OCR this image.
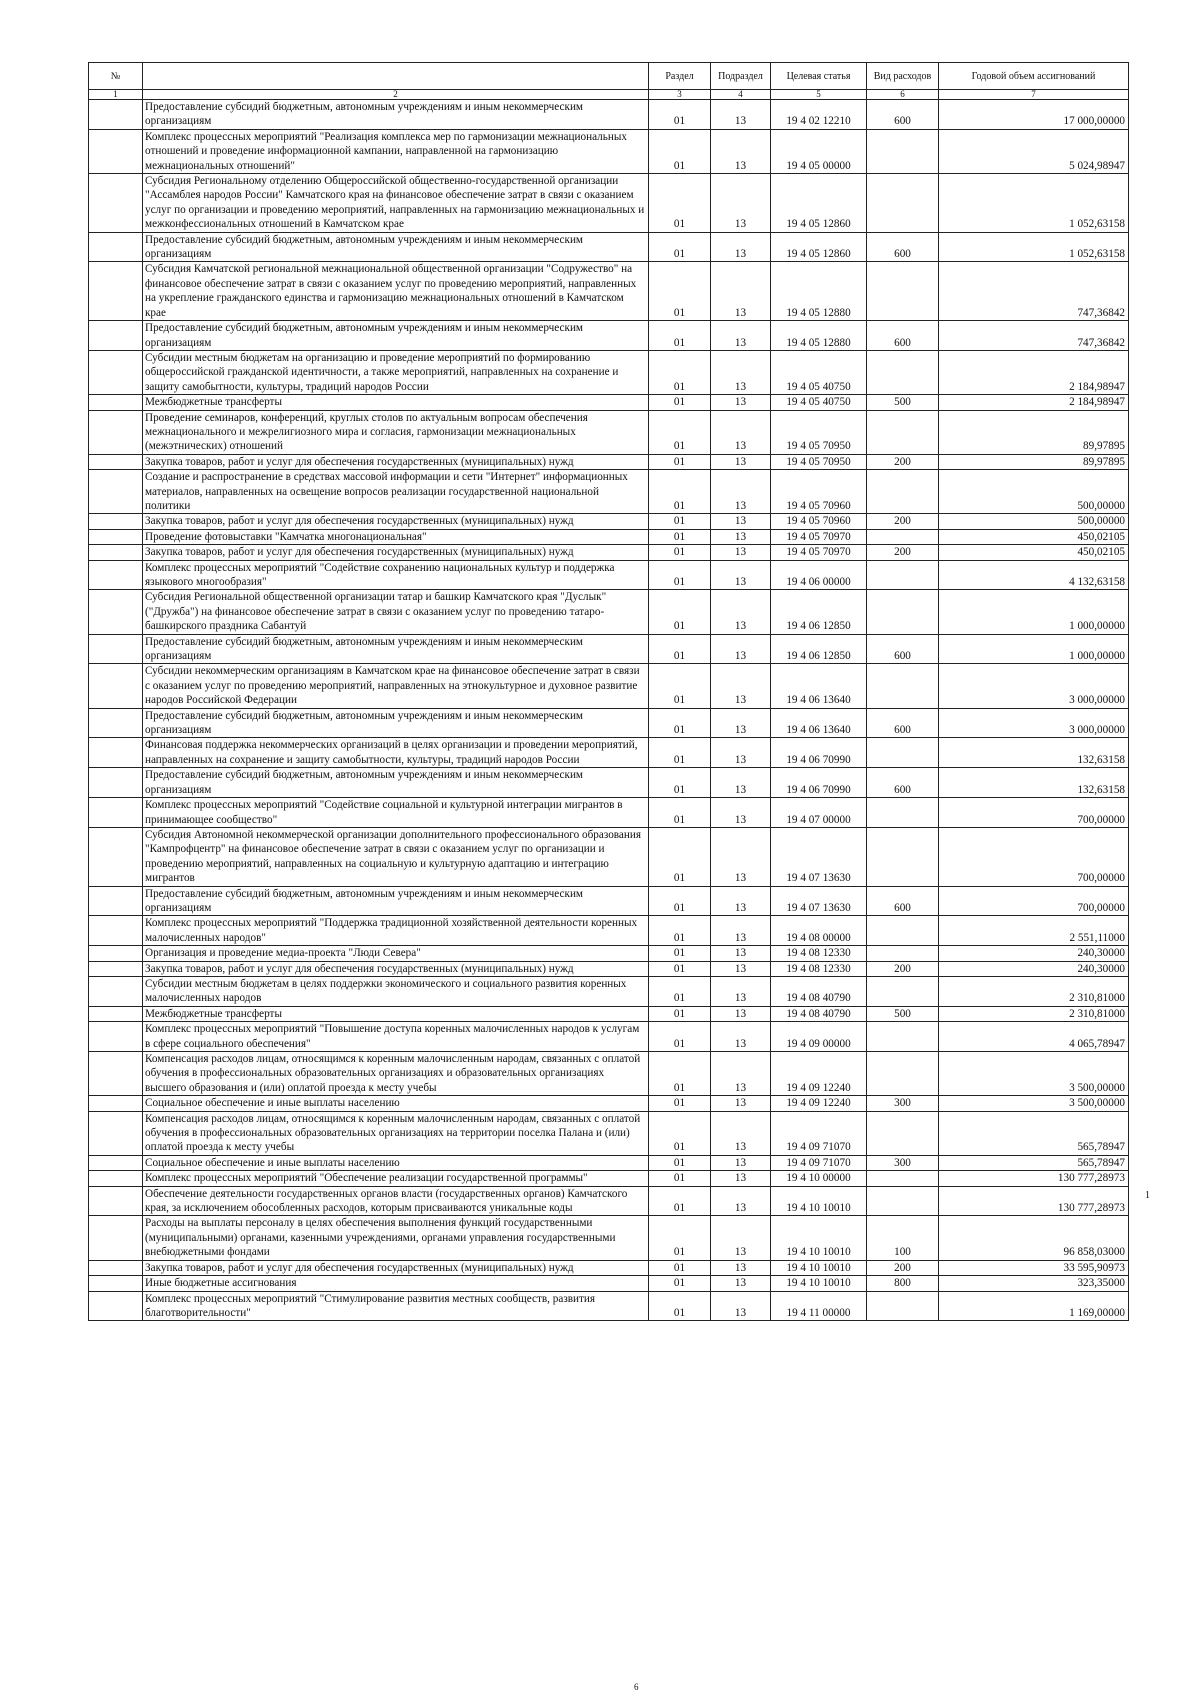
№		Раздел	Подраздел	Целевая статья	Вид расходов	Годовой объем ассигнований
1	2	3	4	5	6	7
	Предоставление субсидий бюджетным, автономным учреждениям и иным некоммерческим организациям	01	13	19 4 02 12210	600	17 000,00000
	Комплекс процессных мероприятий "Реализация комплекса мер по гармонизации межнациональных отношений и проведение информационной кампании, направленной на гармонизацию межнациональных отношений"	01	13	19 4 05 00000		5 024,98947
	Субсидия Региональному отделению Общероссийской общественно-государственной организации "Ассамблея народов России" Камчатского края на финансовое обеспечение затрат в связи с оказанием услуг по организации и проведению мероприятий, направленных на гармонизацию межнациональных и межконфессиональных отношений в Камчатском крае	01	13	19 4 05 12860		1 052,63158
	Предоставление субсидий бюджетным, автономным учреждениям и иным некоммерческим организациям	01	13	19 4 05 12860	600	1 052,63158
	Субсидия Камчатской региональной межнациональной общественной организации "Содружество" на финансовое обеспечение затрат в связи с оказанием услуг по проведению мероприятий, направленных на укрепление гражданского единства и гармонизацию межнациональных отношений в Камчатском крае	01	13	19 4 05 12880		747,36842
	Предоставление субсидий бюджетным, автономным учреждениям и иным некоммерческим организациям	01	13	19 4 05 12880	600	747,36842
	Субсидии местным бюджетам на организацию и проведение мероприятий по формированию общероссийской гражданской идентичности, а также мероприятий, направленных на сохранение и защиту самобытности, культуры, традиций народов России	01	13	19 4 05 40750		2 184,98947
	Межбюджетные трансферты	01	13	19 4 05 40750	500	2 184,98947
	Проведение семинаров, конференций, круглых столов по актуальным вопросам обеспечения межнационального и межрелигиозного мира и согласия, гармонизации межнациональных (межэтнических) отношений	01	13	19 4 05 70950		89,97895
	Закупка товаров, работ и услуг для обеспечения государственных (муниципальных) нужд	01	13	19 4 05 70950	200	89,97895
	Создание и распространение в средствах массовой информации и сети "Интернет" информационных материалов, направленных на освещение вопросов реализации государственной национальной политики	01	13	19 4 05 70960		500,00000
	Закупка товаров, работ и услуг для обеспечения государственных (муниципальных) нужд	01	13	19 4 05 70960	200	500,00000
	Проведение фотовыставки "Камчатка многонациональная"	01	13	19 4 05 70970		450,02105
	Закупка товаров, работ и услуг для обеспечения государственных (муниципальных) нужд	01	13	19 4 05 70970	200	450,02105
	Комплекс процессных мероприятий "Содействие сохранению национальных культур и поддержка языкового многообразия"	01	13	19 4 06 00000		4 132,63158
	Субсидия Региональной общественной организации татар и башкир Камчатского края "Дуслык" ("Дружба") на финансовое обеспечение затрат в связи с оказанием услуг по проведению татаро-башкирского праздника Сабантуй	01	13	19 4 06 12850		1 000,00000
	Предоставление субсидий бюджетным, автономным учреждениям и иным некоммерческим организациям	01	13	19 4 06 12850	600	1 000,00000
	Субсидии некоммерческим организациям в Камчатском крае на финансовое обеспечение затрат в связи с оказанием услуг по проведению мероприятий, направленных на этнокультурное и духовное развитие народов Российской Федерации	01	13	19 4 06 13640		3 000,00000
	Предоставление субсидий бюджетным, автономным учреждениям и иным некоммерческим организациям	01	13	19 4 06 13640	600	3 000,00000
	Финансовая поддержка некоммерческих организаций в целях организации и проведении мероприятий, направленных на сохранение и защиту самобытности, культуры, традиций народов России	01	13	19 4 06 70990		132,63158
	Предоставление субсидий бюджетным, автономным учреждениям и иным некоммерческим организациям	01	13	19 4 06 70990	600	132,63158
	Комплекс процессных мероприятий "Содействие социальной и культурной интеграции мигрантов в принимающее сообщество"	01	13	19 4 07 00000		700,00000
	Субсидия Автономной некоммерческой организации дополнительного профессионального образования "Кампрофцентр" на финансовое обеспечение затрат в связи с оказанием услуг по организации и проведению мероприятий, направленных на социальную и культурную адаптацию и интеграцию мигрантов	01	13	19 4 07 13630		700,00000
	Предоставление субсидий бюджетным, автономным учреждениям и иным некоммерческим организациям	01	13	19 4 07 13630	600	700,00000
	Комплекс процессных мероприятий "Поддержка традиционной хозяйственной деятельности коренных малочисленных народов"	01	13	19 4 08 00000		2 551,11000
	Организация и проведение медиа-проекта "Люди Севера"	01	13	19 4 08 12330		240,30000
	Закупка товаров, работ и услуг для обеспечения государственных (муниципальных) нужд	01	13	19 4 08 12330	200	240,30000
	Субсидии местным бюджетам в целях поддержки экономического и социального развития коренных малочисленных народов	01	13	19 4 08 40790		2 310,81000
	Межбюджетные трансферты	01	13	19 4 08 40790	500	2 310,81000
	Комплекс процессных мероприятий "Повышение доступа коренных малочисленных народов к услугам в сфере социального обеспечения"	01	13	19 4 09 00000		4 065,78947
	Компенсация расходов лицам, относящимся к коренным малочисленным народам, связанных с оплатой обучения в профессиональных образовательных организациях и образовательных организациях высшего образования и (или) оплатой проезда к месту учебы	01	13	19 4 09 12240		3 500,00000
	Социальное обеспечение и иные выплаты населению	01	13	19 4 09 12240	300	3 500,00000
	Компенсация расходов лицам, относящимся к коренным малочисленным народам, связанных с оплатой обучения в профессиональных образовательных организациях на территории поселка Палана и (или) оплатой проезда к месту учебы	01	13	19 4 09 71070		565,78947
	Социальное обеспечение и иные выплаты населению	01	13	19 4 09 71070	300	565,78947
	Комплекс процессных мероприятий "Обеспечение реализации государственной программы"	01	13	19 4 10 00000		130 777,28973
	Обеспечение деятельности государственных органов власти (государственных органов) Камчатского края, за исключением обособленных расходов, которым присваиваются уникальные коды	01	13	19 4 10 10010		130 777,28973
	Расходы на выплаты персоналу в целях обеспечения выполнения функций государственными (муниципальными) органами, казенными учреждениями, органами управления государственными внебюджетными фондами	01	13	19 4 10 10010	100	96 858,03000
	Закупка товаров, работ и услуг для обеспечения государственных (муниципальных) нужд	01	13	19 4 10 10010	200	33 595,90973
	Иные бюджетные ассигнования	01	13	19 4 10 10010	800	323,35000
	Комплекс процессных мероприятий "Стимулирование развития местных сообществ, развития благотворительности"	01	13	19 4 11 00000		1 169,00000
6
1
